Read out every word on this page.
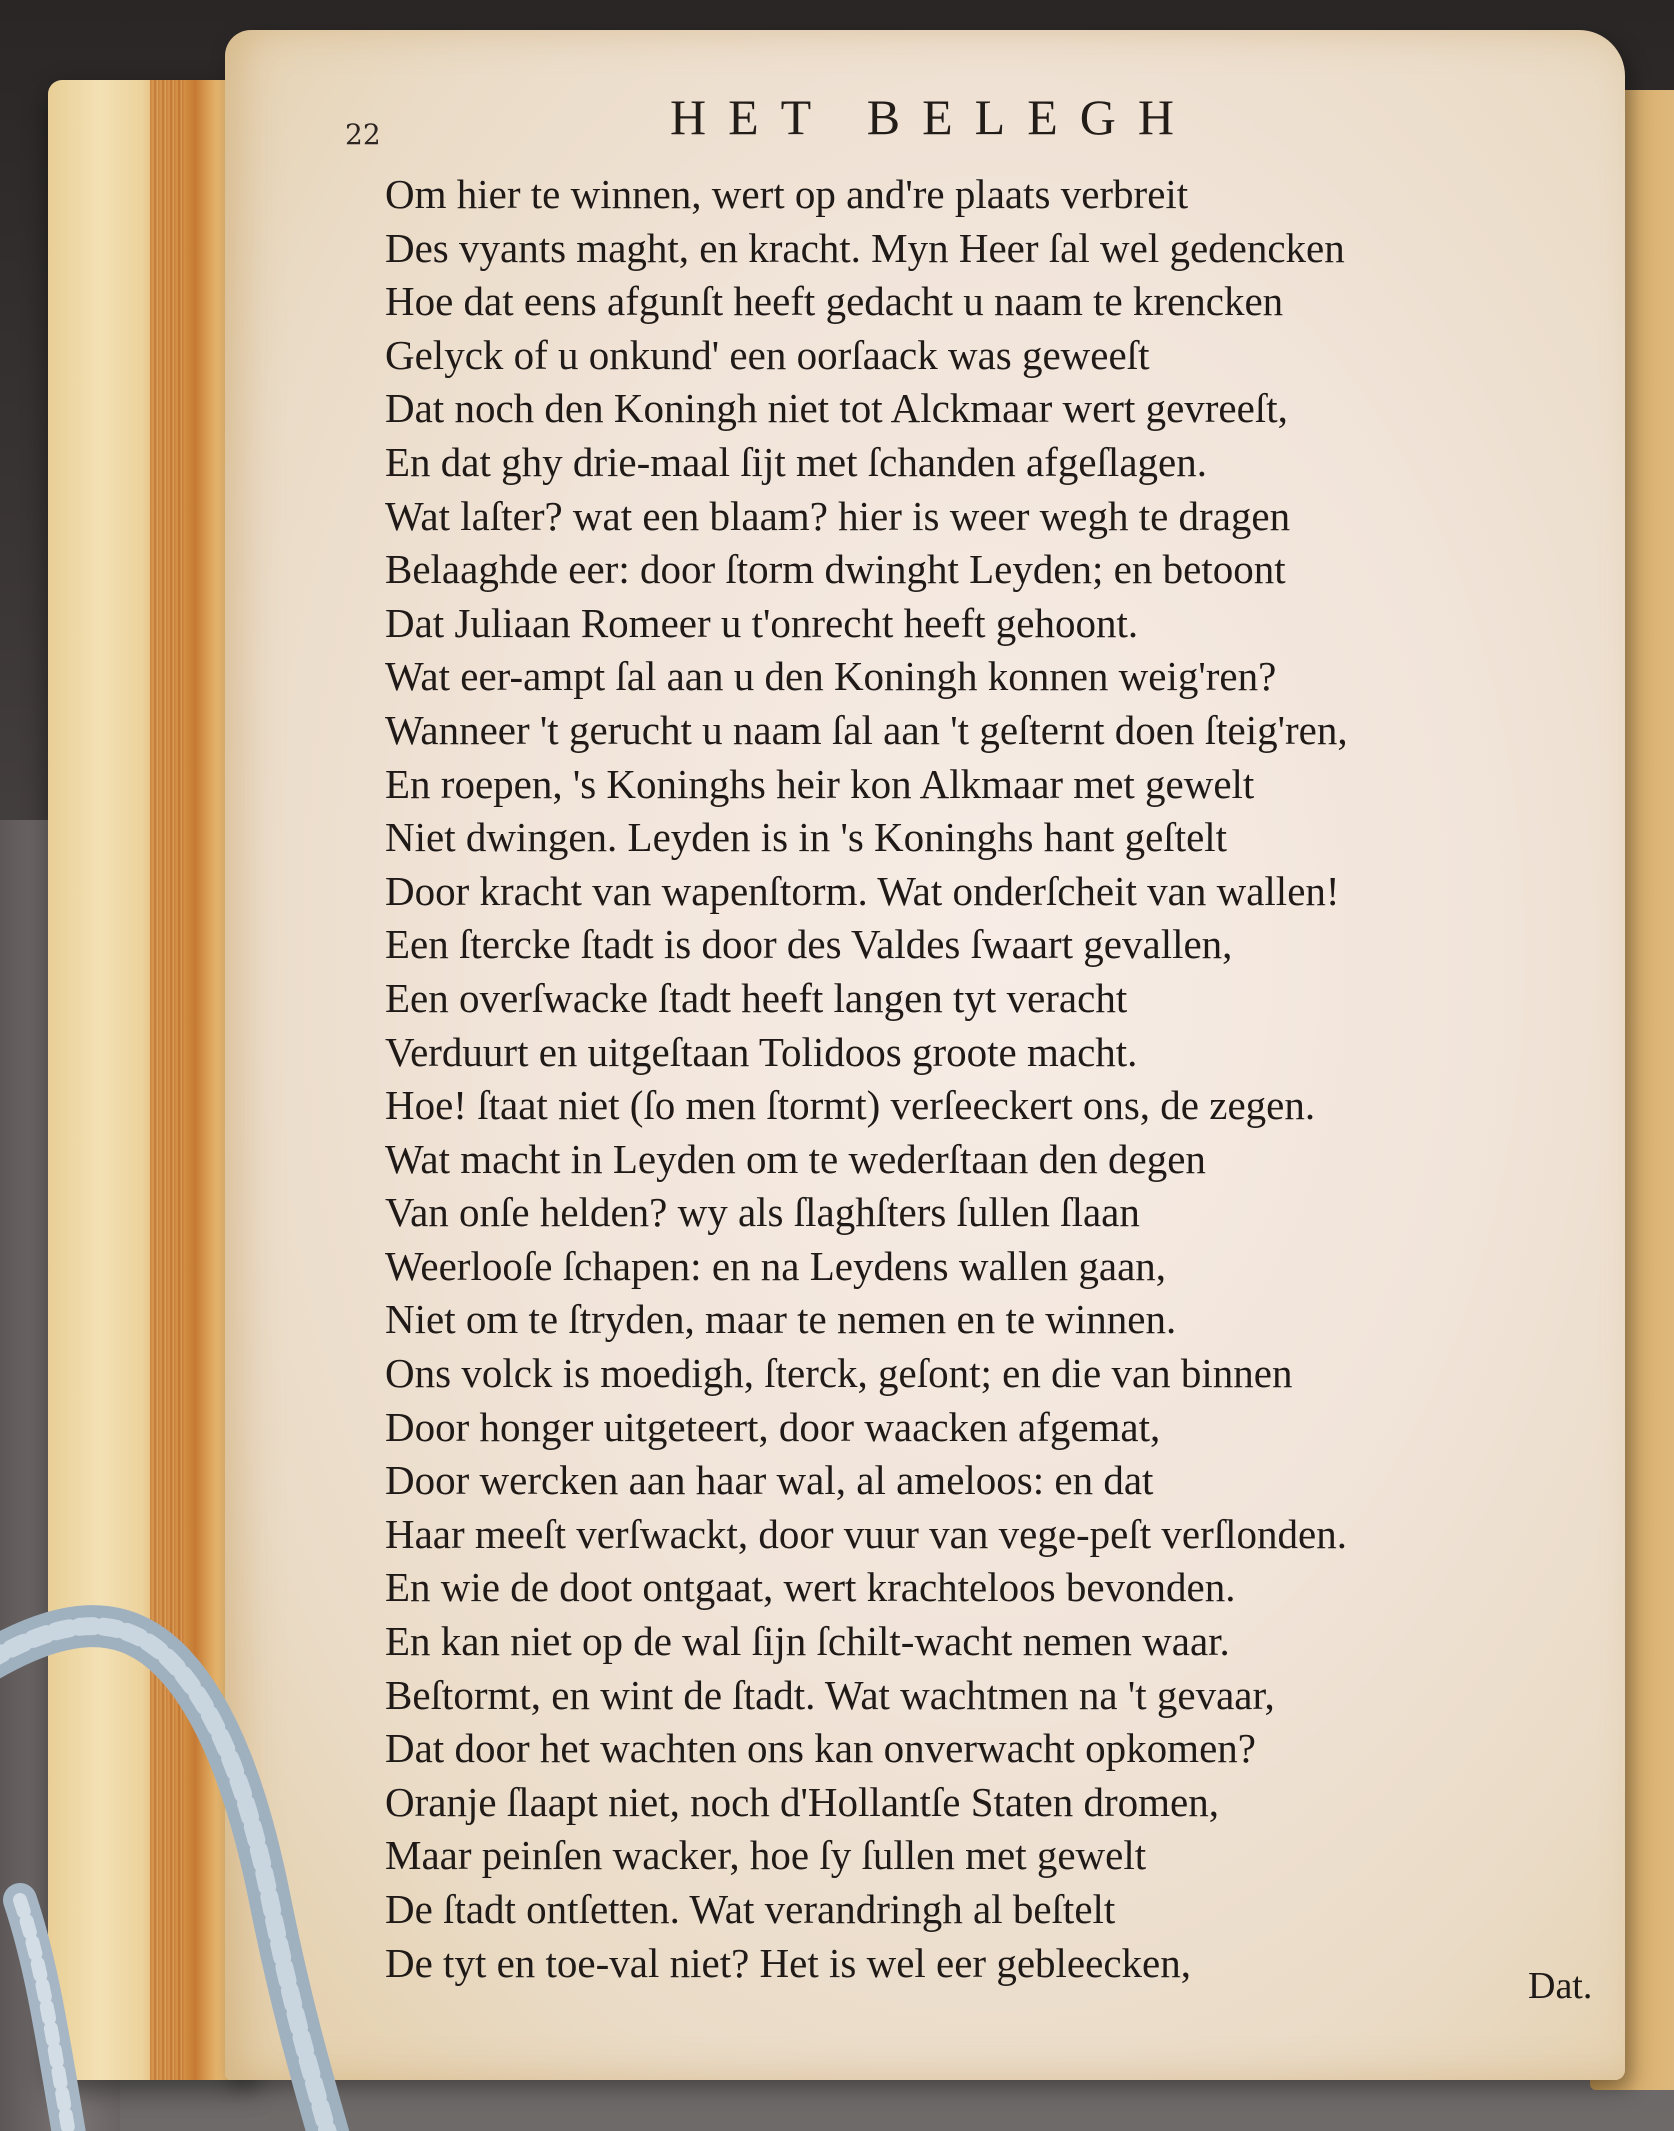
22	HET BELEGH
Om hier te winnen, wert op and're plaats verbreit
Des vyants maght, en kracht. Myn Heer ſal wel gedencken
Hoe dat eens afgunſt heeft gedacht u naam te krencken
Gelyck of u onkund' een oorſaack was geweeſt
Dat noch den Koningh niet tot Alckmaar wert gevreeſt,
En dat ghy drie-maal ſijt met ſchanden afgeſlagen.
Wat laſter? wat een blaam? hier is weer wegh te dragen
Belaaghde eer: door ſtorm dwinght Leyden; en betoont
Dat Juliaan Romeer u t'onrecht heeft gehoont.
Wat eer-ampt ſal aan u den Koningh konnen weig'ren?
Wanneer 't gerucht u naam ſal aan 't geſternt doen ſteig'ren,
En roepen, 's Koninghs heir kon Alkmaar met gewelt
Niet dwingen. Leyden is in 's Koninghs hant geſtelt
Door kracht van wapenſtorm. Wat onderſcheit van wallen!
Een ſtercke ſtadt is door des Valdes ſwaart gevallen,
Een overſwacke ſtadt heeft langen tyt veracht
Verduurt en uitgeſtaan Tolidoos groote macht.
Hoe! ſtaat niet (ſo men ſtormt) verſeeckert ons, de zegen.
Wat macht in Leyden om te wederſtaan den degen
Van onſe helden? wy als ſlaghſters ſullen ſlaan
Weerlooſe ſchapen: en na Leydens wallen gaan,
Niet om te ſtryden, maar te nemen en te winnen.
Ons volck is moedigh, ſterck, geſont; en die van binnen
Door honger uitgeteert, door waacken afgemat,
Door wercken aan haar wal, al ameloos: en dat
Haar meeſt verſwackt, door vuur van vege-peſt verſlonden.
En wie de doot ontgaat, wert krachteloos bevonden.
En kan niet op de wal ſijn ſchilt-wacht nemen waar.
Beſtormt, en wint de ſtadt. Wat wachtmen na 't gevaar,
Dat door het wachten ons kan onverwacht opkomen?
Oranje ſlaapt niet, noch d'Hollantſe Staten dromen,
Maar peinſen wacker, hoe ſy ſullen met gewelt
De ſtadt ontſetten. Wat verandringh al beſtelt
De tyt en toe-val niet? Het is wel eer gebleecken,
Dat.
